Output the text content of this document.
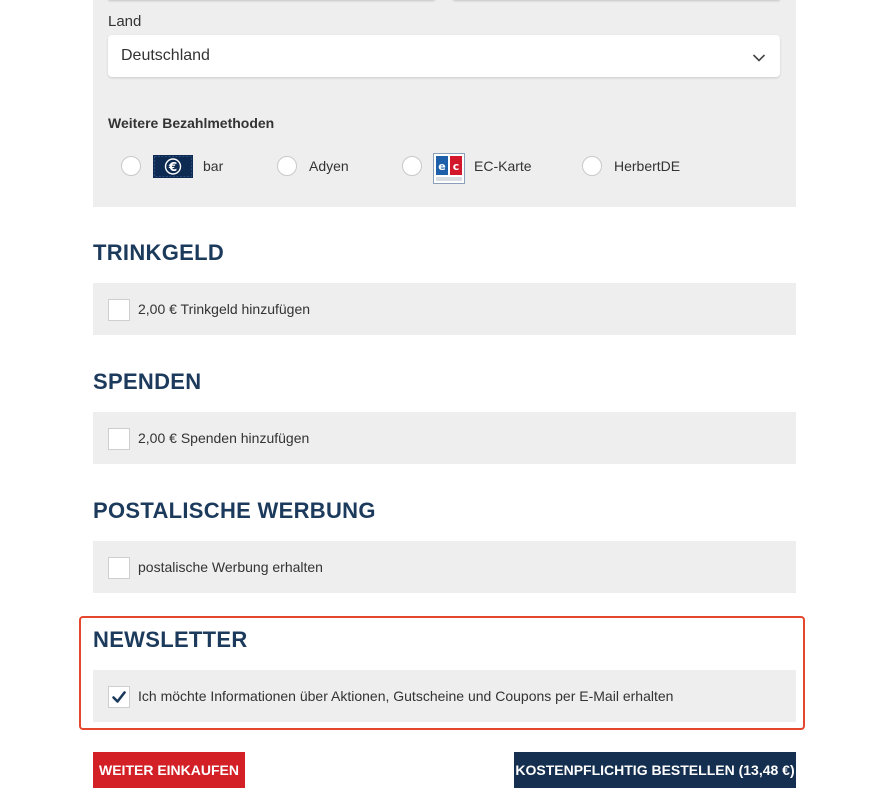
Land
Deutschland
Weitere Bezahlmethoden
€ bar	Adyen	e c EC-Karte	HerbertDE
TRINKGELD
2,00 € Trinkgeld hinzufügen
SPENDEN
2,00 € Spenden hinzufügen
POSTALISCHE WERBUNG
postalische Werbung erhalten
NEWSLETTER
Ich möchte Informationen über Aktionen, Gutscheine und Coupons per E-Mail erhalten
WEITER EINKAUFEN	KOSTENPFLICHTIG BESTELLEN (13,48 €)
